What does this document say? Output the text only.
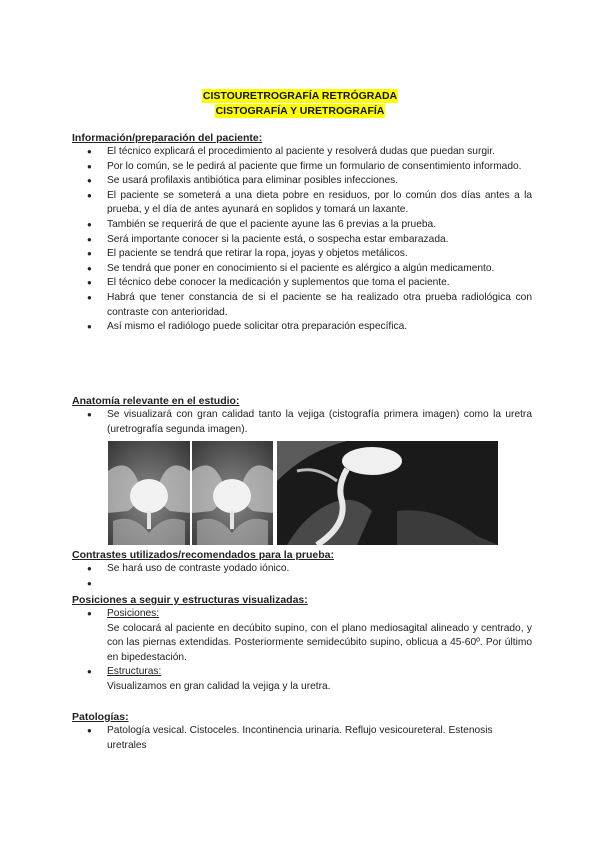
CISTOURETROGRAFÍA RETRÓGRADA
CISTOGRAFÍA Y URETROGRAFÍA
Información/preparación del paciente:
● El técnico explicará el procedimiento al paciente y resolverá dudas que puedan surgir.
● Por lo común, se le pedirá al paciente que firme un formulario de consentimiento informado.
● Se usará profilaxis antibiótica para eliminar posibles infecciones.
● El paciente se someterá a una dieta pobre en residuos, por lo común dos días antes a la prueba, y el día de antes ayunará en soplidos y tomará un laxante.
● También se requerirá de que el paciente ayune las 6 previas a la prueba.
● Será importante conocer si la paciente está, o sospecha estar embarazada.
● El paciente se tendrá que retirar la ropa, joyas y objetos metálicos.
● Se tendrá que poner en conocimiento si el paciente es alérgico a algún medicamento.
● El técnico debe conocer la medicación y suplementos que toma el paciente.
● Habrá que tener constancia de si el paciente se ha realizado otra prueba radiológica con contraste con anterioridad.
● Así mismo el radiólogo puede solicitar otra preparación específica.
Anatomía relevante en el estudio:
● Se visualizará con gran calidad tanto la vejiga (cistografía primera imagen) como la uretra (uretrografía segunda imagen).
Contrastes utilizados/recomendados para la prueba:
● Se hará uso de contraste yodado iónico.
●
Posiciones a seguir y estructuras visualizadas:
● Posiciones:
Se colocará al paciente en decúbito supino, con el plano mediosagital alineado y centrado, y con las piernas extendidas. Posteriormente semidecúbito supino, oblicua a 45-60º. Por último en bipedestación.
● Estructuras:
Visualizamos en gran calidad la vejiga y la uretra.
Patologías:
● Patología vesical. Cistoceles. Incontinencia urinaria. Reflujo vesicoureteral. Estenosis uretrales
